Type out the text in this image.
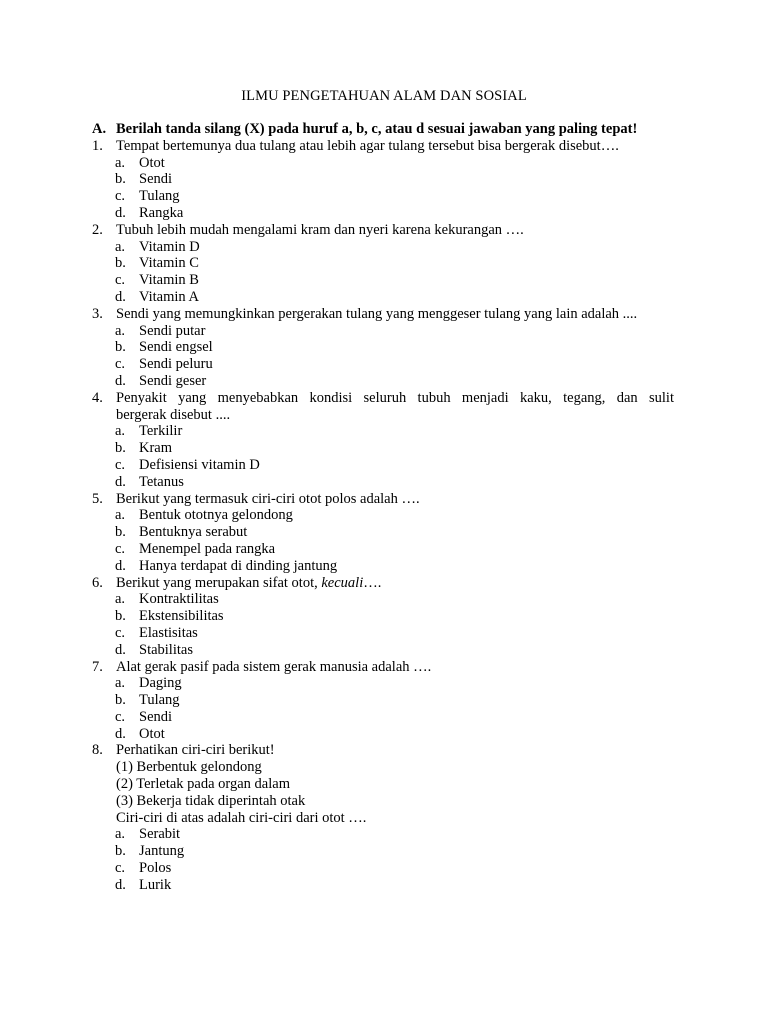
ILMU PENGETAHUAN ALAM DAN SOSIAL
A. Berilah tanda silang (X) pada huruf a, b, c, atau d sesuai jawaban yang paling tepat!
1. Tempat bertemunya dua tulang atau lebih agar tulang tersebut bisa bergerak disebut….
a. Otot
b. Sendi
c. Tulang
d. Rangka
2. Tubuh lebih mudah mengalami kram dan nyeri karena kekurangan ….
a. Vitamin D
b. Vitamin C
c. Vitamin B
d. Vitamin A
3. Sendi yang memungkinkan pergerakan tulang yang menggeser tulang yang lain adalah ....
a. Sendi putar
b. Sendi engsel
c. Sendi peluru
d. Sendi geser
4. Penyakit yang menyebabkan kondisi seluruh tubuh menjadi kaku, tegang, dan sulit
bergerak disebut ....
a. Terkilir
b. Kram
c. Defisiensi vitamin D
d. Tetanus
5. Berikut yang termasuk ciri-ciri otot polos adalah ….
a. Bentuk ototnya gelondong
b. Bentuknya serabut
c. Menempel pada rangka
d. Hanya terdapat di dinding jantung
6. Berikut yang merupakan sifat otot, kecuali….
a. Kontraktilitas
b. Ekstensibilitas
c. Elastisitas
d. Stabilitas
7. Alat gerak pasif pada sistem gerak manusia adalah ….
a. Daging
b. Tulang
c. Sendi
d. Otot
8. Perhatikan ciri-ciri berikut!
(1) Berbentuk gelondong
(2) Terletak pada organ dalam
(3) Bekerja tidak diperintah otak
Ciri-ciri di atas adalah ciri-ciri dari otot ….
a. Serabit
b. Jantung
c. Polos
d. Lurik
